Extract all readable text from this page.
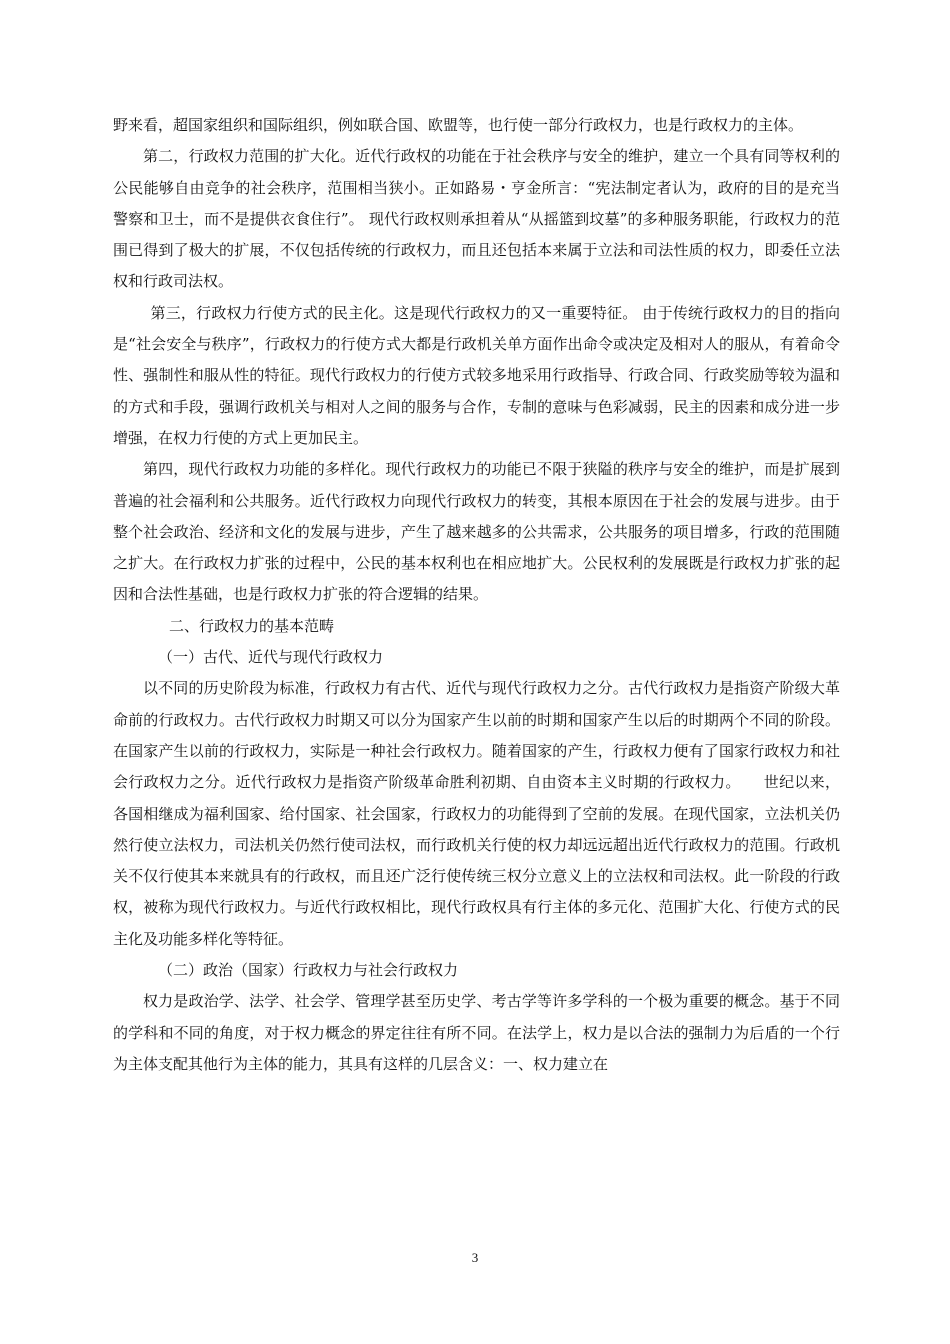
野来看，超国家组织和国际组织，例如联合国、欧盟等，也行使一部分行政权力，也是行政权力的主体。

第二，行政权力范围的扩大化。近代行政权的功能在于社会秩序与安全的维护，建立一个具有同等权利的公民能够自由竞争的社会秩序，范围相当狭小。正如路易・亨金所言：“宪法制定者认为，政府的目的是充当警察和卫士，而不是提供衣食住行”。 现代行政权则承担着从“从摇篮到坟墓”的多种服务职能，行政权力的范围已得到了极大的扩展，不仅包括传统的行政权力，而且还包括本来属于立法和司法性质的权力，即委任立法权和行政司法权。

第三，行政权力行使方式的民主化。这是现代行政权力的又一重要特征。 由于传统行政权力的目的指向是“社会安全与秩序”，行政权力的行使方式大都是行政机关单方面作出命令或决定及相对人的服从，有着命令性、强制性和服从性的特征。现代行政权力的行使方式较多地采用行政指导、行政合同、行政奖励等较为温和的方式和手段，强调行政机关与相对人之间的服务与合作，专制的意味与色彩减弱，民主的因素和成分进一步增强，在权力行使的方式上更加民主。

第四，现代行政权力功能的多样化。现代行政权力的功能已不限于狭隘的秩序与安全的维护，而是扩展到普遍的社会福利和公共服务。近代行政权力向现代行政权力的转变，其根本原因在于社会的发展与进步。由于整个社会政治、经济和文化的发展与进步，产生了越来越多的公共需求，公共服务的项目增多，行政的范围随之扩大。在行政权力扩张的过程中，公民的基本权利也在相应地扩大。公民权利的发展既是行政权力扩张的起因和合法性基础，也是行政权力扩张的符合逻辑的结果。

二、行政权力的基本范畴

（一）古代、近代与现代行政权力

以不同的历史阶段为标准，行政权力有古代、近代与现代行政权力之分。古代行政权力是指资产阶级大革命前的行政权力。古代行政权力时期又可以分为国家产生以前的时期和国家产生以后的时期两个不同的阶段。在国家产生以前的行政权力，实际是一种社会行政权力。随着国家的产生，行政权力便有了国家行政权力和社会行政权力之分。近代行政权力是指资产阶级革命胜利初期、自由资本主义时期的行政权力。　　世纪以来，各国相继成为福利国家、给付国家、社会国家，行政权力的功能得到了空前的发展。在现代国家，立法机关仍然行使立法权力，司法机关仍然行使司法权，而行政机关行使的权力却远远超出近代行政权力的范围。行政机关不仅行使其本来就具有的行政权，而且还广泛行使传统三权分立意义上的立法权和司法权。此一阶段的行政权，被称为现代行政权力。与近代行政权相比，现代行政权具有行主体的多元化、范围扩大化、行使方式的民主化及功能多样化等特征。

（二）政治（国家）行政权力与社会行政权力

权力是政治学、法学、社会学、管理学甚至历史学、考古学等许多学科的一个极为重要的概念。基于不同的学科和不同的角度，对于权力概念的界定往往有所不同。在法学上，权力是以合法的强制力为后盾的一个行为主体支配其他行为主体的能力，其具有这样的几层含义：一、权力建立在

3
